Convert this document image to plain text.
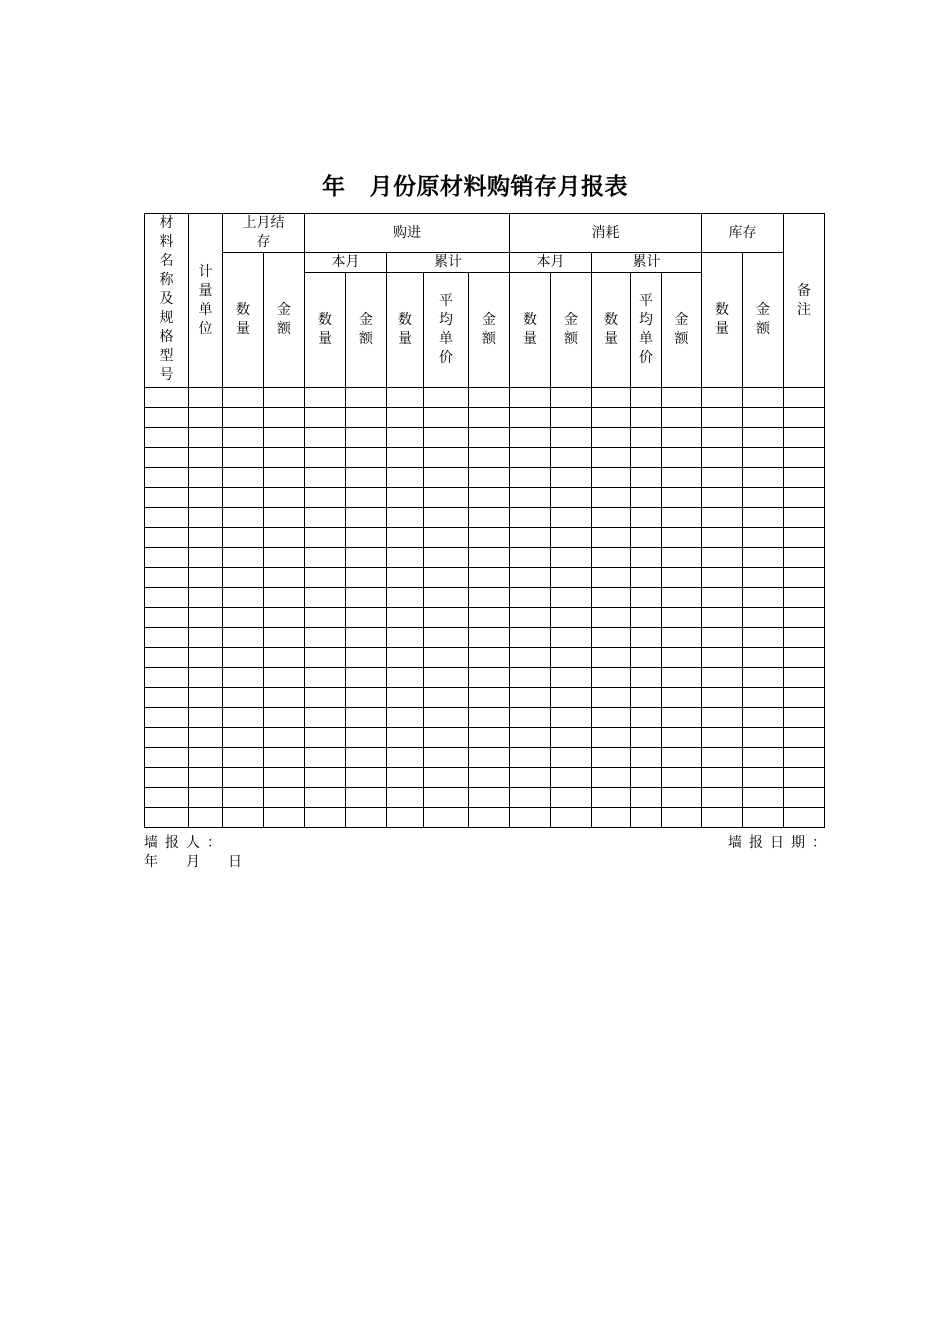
年 月份原材料购销存月报表
材料名称及规格型号	计量单位	上月结存		购进					消耗					库存		备注
		数量	金额	本月		累计			本月		累计			数量	金额	
				数量	金额	数量	平均单价	金额	数量	金额	数量	平均单价	金额			

墙报人：	墙报日期：
年　月　日
